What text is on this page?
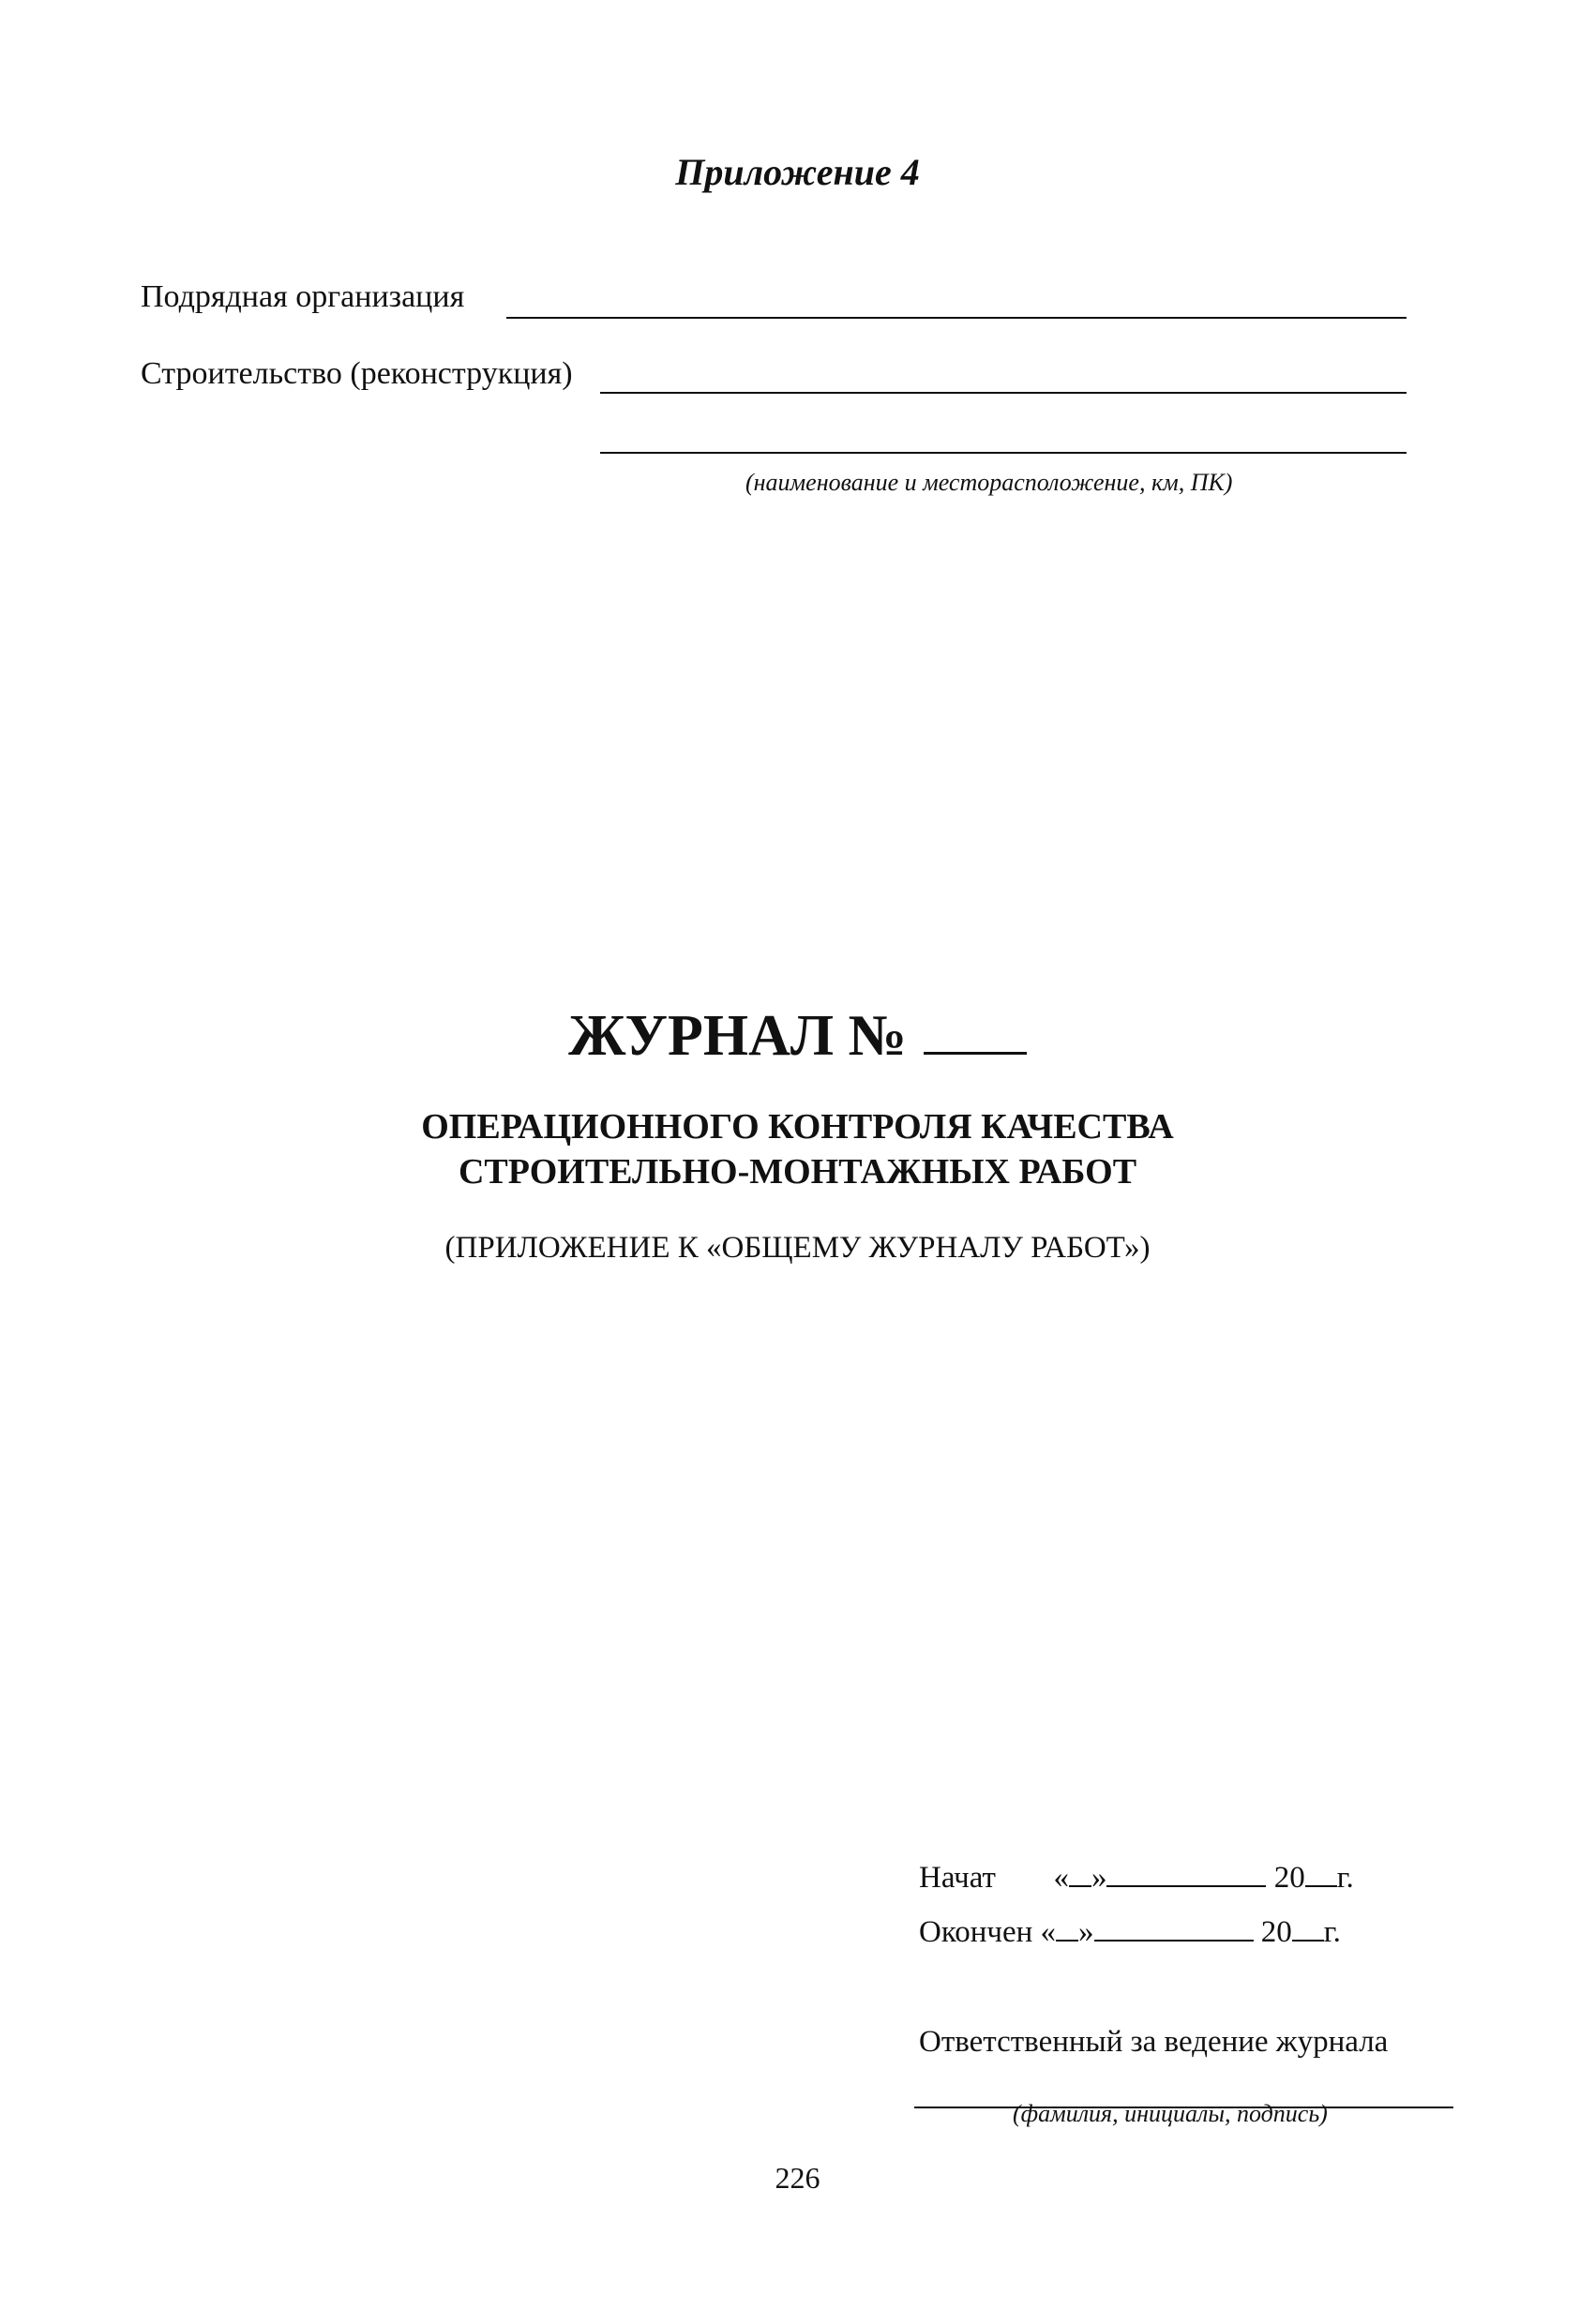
Приложение 4
Подрядная организация
Строительство (реконструкция)
(наименование и месторасположение, км, ПК)
ЖУРНАЛ №
ОПЕРАЦИОННОГО КОНТРОЛЯ КАЧЕСТВА
СТРОИТЕЛЬНО-МОНТАЖНЫХ РАБОТ
(ПРИЛОЖЕНИЕ К «ОБЩЕМУ ЖУРНАЛУ РАБОТ»)
Начат « »	20 г.
Окончен « »	20 г.
Ответственный за ведение журнала
(фамилия, инициалы, подпись)
226
